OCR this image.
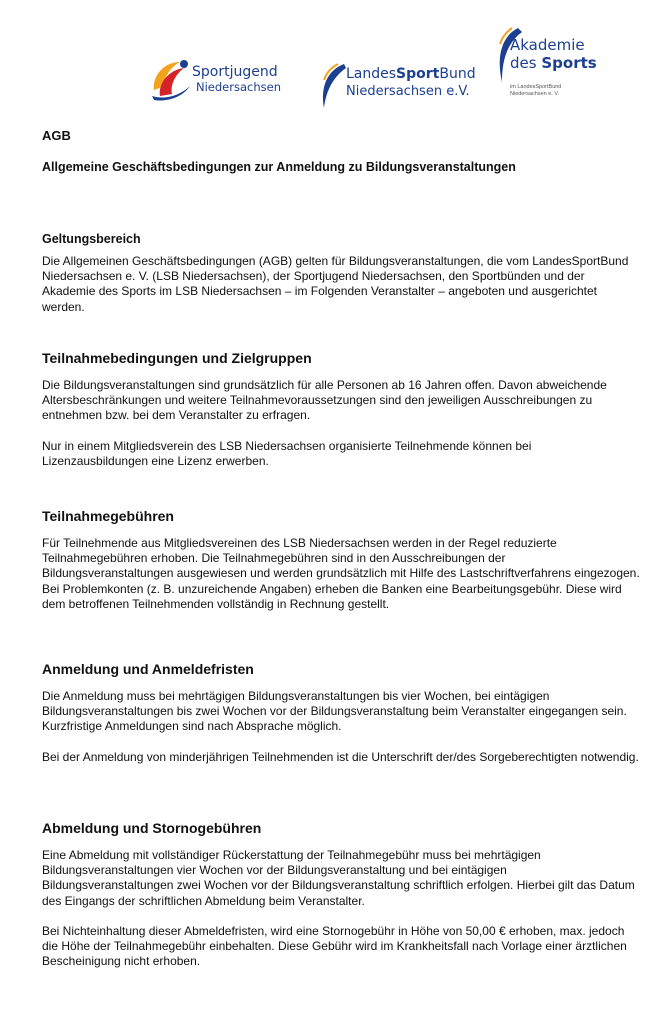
Sportjugend
Niedersachsen
LandesSportBund
Niedersachsen e.V.
Akademie
des Sports
im LandesSportBund Niedersachsen e. V.
AGB
Allgemeine Geschäftsbedingungen zur Anmeldung zu Bildungsveranstaltungen
Geltungsbereich

Die Allgemeinen Geschäftsbedingungen (AGB) gelten für Bildungsveranstaltungen, die vom LandesSportBund Niedersachsen e. V. (LSB Niedersachsen), der Sportjugend Niedersachsen, den Sportbünden und der Akademie des Sports im LSB Niedersachsen – im Folgenden Veranstalter – angeboten und ausgerichtet werden.

Teilnahmebedingungen und Zielgruppen

Die Bildungsveranstaltungen sind grundsätzlich für alle Personen ab 16 Jahren offen. Davon abweichende Altersbeschränkungen und weitere Teilnahmevoraussetzungen sind den jeweiligen Ausschreibungen zu entnehmen bzw. bei dem Veranstalter zu erfragen.

Nur in einem Mitgliedsverein des LSB Niedersachsen organisierte Teilnehmende können bei Lizenzausbildungen eine Lizenz erwerben.

Teilnahmegebühren

Für Teilnehmende aus Mitgliedsvereinen des LSB Niedersachsen werden in der Regel reduzierte Teilnahmegebühren erhoben. Die Teilnahmegebühren sind in den Ausschreibungen der Bildungsveranstaltungen ausgewiesen und werden grundsätzlich mit Hilfe des Lastschriftverfahrens eingezogen. Bei Problemkonten (z. B. unzureichende Angaben) erheben die Banken eine Bearbeitungsgebühr. Diese wird dem betroffenen Teilnehmenden vollständig in Rechnung gestellt.

Anmeldung und Anmeldefristen

Die Anmeldung muss bei mehrtägigen Bildungsveranstaltungen bis vier Wochen, bei eintägigen Bildungsveranstaltungen bis zwei Wochen vor der Bildungsveranstaltung beim Veranstalter eingegangen sein. Kurzfristige Anmeldungen sind nach Absprache möglich.

Bei der Anmeldung von minderjährigen Teilnehmenden ist die Unterschrift der/des Sorgeberechtigten notwendig.

Abmeldung und Stornogebühren

Eine Abmeldung mit vollständiger Rückerstattung der Teilnahmegebühr muss bei mehrtägigen Bildungsveranstaltungen vier Wochen vor der Bildungsveranstaltung und bei eintägigen Bildungsveranstaltungen zwei Wochen vor der Bildungsveranstaltung schriftlich erfolgen. Hierbei gilt das Datum des Eingangs der schriftlichen Abmeldung beim Veranstalter.

Bei Nichteinhaltung dieser Abmeldefristen, wird eine Stornogebühr in Höhe von 50,00 € erhoben, max. jedoch die Höhe der Teilnahmegebühr einbehalten. Diese Gebühr wird im Krankheitsfall nach Vorlage einer ärztlichen Bescheinigung nicht erhoben.
